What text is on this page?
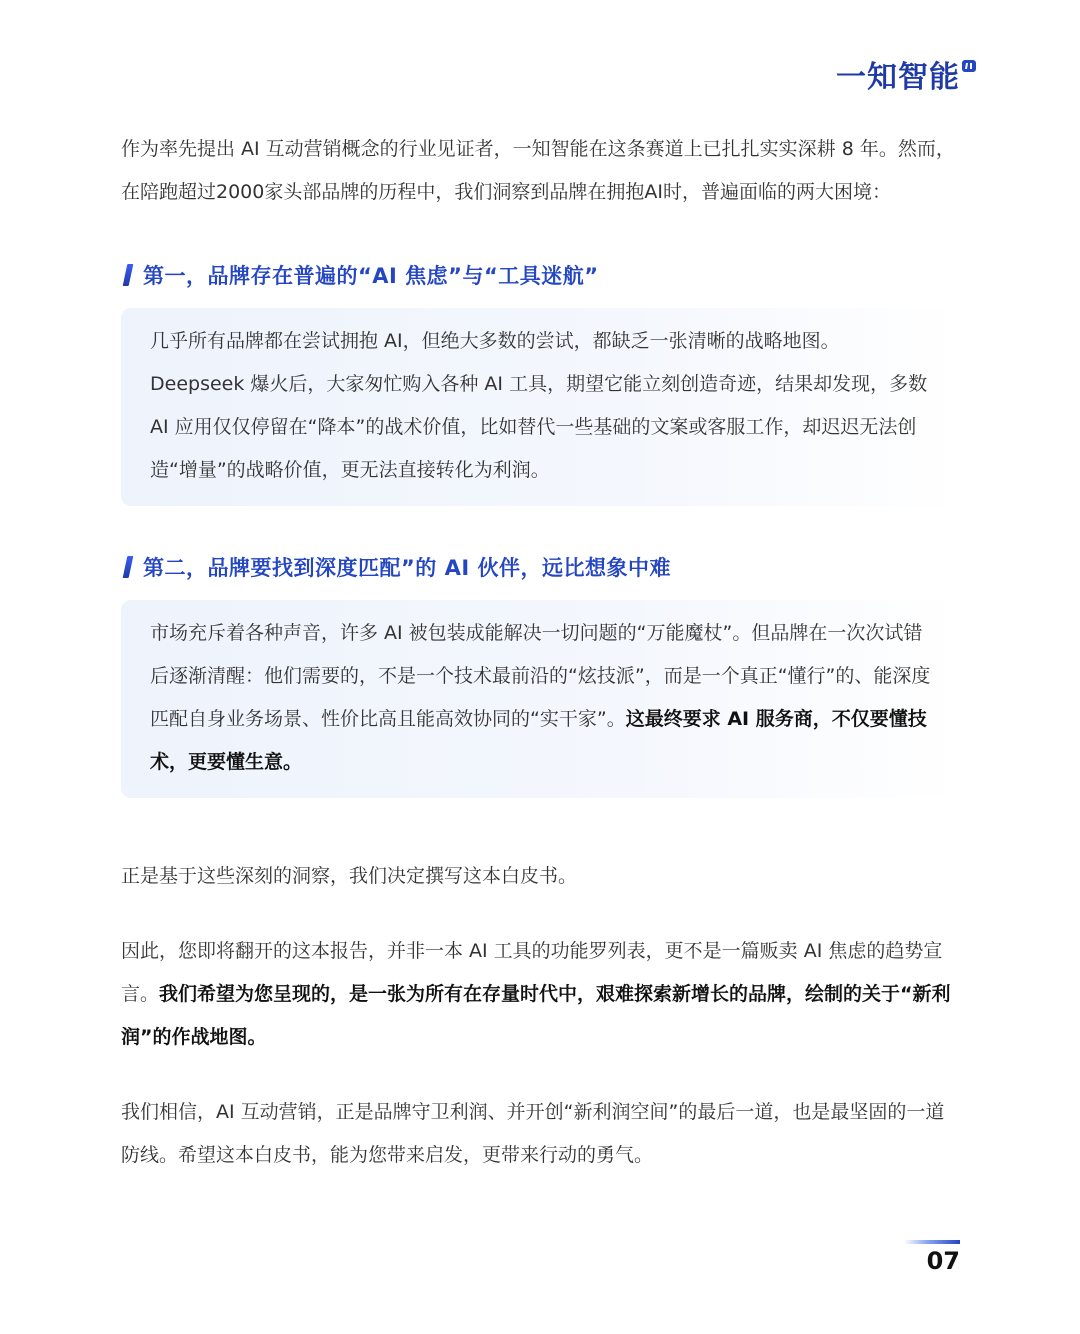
一知智能

作为率先提出 AI 互动营销概念的行业见证者，一知智能在这条赛道上已扎扎实实深耕 8 年。然而，在陪跑超过2000家头部品牌的历程中，我们洞察到品牌在拥抱AI时，普遍面临的两大困境：

第一，品牌存在普遍的“AI 焦虑”与“工具迷航”

几乎所有品牌都在尝试拥抱 AI，但绝大多数的尝试，都缺乏一张清晰的战略地图。Deepseek 爆火后，大家匆忙购入各种 AI 工具，期望它能立刻创造奇迹，结果却发现，多数 AI 应用仅仅停留在“降本”的战术价值，比如替代一些基础的文案或客服工作，却迟迟无法创造“增量”的战略价值，更无法直接转化为利润。

第二，品牌要找到深度匹配”的 AI 伙伴，远比想象中难

市场充斥着各种声音，许多 AI 被包装成能解决一切问题的“万能魔杖”。但品牌在一次次试错后逐渐清醒：他们需要的，不是一个技术最前沿的“炫技派”，而是一个真正“懂行”的、能深度匹配自身业务场景、性价比高且能高效协同的“实干家”。这最终要求 AI 服务商，不仅要懂技术，更要懂生意。

正是基于这些深刻的洞察，我们决定撰写这本白皮书。

因此，您即将翻开的这本报告，并非一本 AI 工具的功能罗列表，更不是一篇贩卖 AI 焦虑的趋势宣言。我们希望为您呈现的，是一张为所有在存量时代中，艰难探索新增长的品牌，绘制的关于“新利润”的作战地图。

我们相信，AI 互动营销，正是品牌守卫利润、并开创“新利润空间”的最后一道，也是最坚固的一道防线。希望这本白皮书，能为您带来启发，更带来行动的勇气。

07
